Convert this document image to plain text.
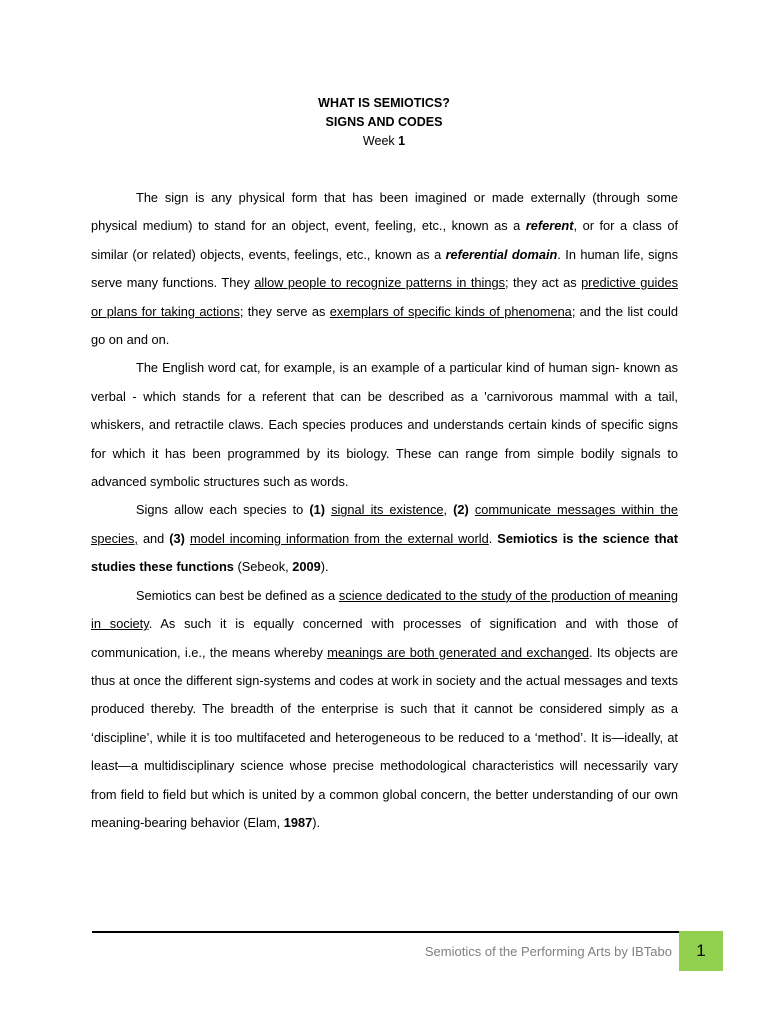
WHAT IS SEMIOTICS?
SIGNS AND CODES
Week 1

The sign is any physical form that has been imagined or made externally (through some physical medium) to stand for an object, event, feeling, etc., known as a referent, or for a class of similar (or related) objects, events, feelings, etc., known as a referential domain. In human life, signs serve many functions. They allow people to recognize patterns in things; they act as predictive guides or plans for taking actions; they serve as exemplars of specific kinds of phenomena; and the list could go on and on.

The English word cat, for example, is an example of a particular kind of human sign- known as verbal - which stands for a referent that can be described as a 'carnivorous mammal with a tail, whiskers, and retractile claws. Each species produces and understands certain kinds of specific signs for which it has been programmed by its biology. These can range from simple bodily signals to advanced symbolic structures such as words.

Signs allow each species to (1) signal its existence, (2) communicate messages within the species, and (3) model incoming information from the external world. Semiotics is the science that studies these functions (Sebeok, 2009).

Semiotics can best be defined as a science dedicated to the study of the production of meaning in society. As such it is equally concerned with processes of signification and with those of communication, i.e., the means whereby meanings are both generated and exchanged. Its objects are thus at once the different sign-systems and codes at work in society and the actual messages and texts produced thereby. The breadth of the enterprise is such that it cannot be considered simply as a ‘discipline’, while it is too multifaceted and heterogeneous to be reduced to a ‘method’. It is—ideally, at least—a multidisciplinary science whose precise methodological characteristics will necessarily vary from field to field but which is united by a common global concern, the better understanding of our own meaning-bearing behavior (Elam, 1987).

Semiotics of the Performing Arts by IBTabo 1
